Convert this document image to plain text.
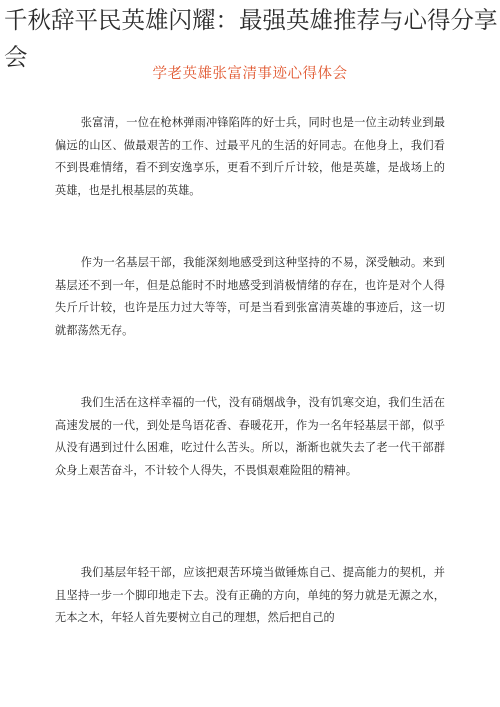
千秋辞平民英雄闪耀：最强英雄推荐与心得分享会
学老英雄张富清事迹心得体会
张富清，一位在枪林弹雨冲锋陷阵的好士兵，同时也是一位主动转业到最偏远的山区、做最艰苦的工作、过最平凡的生活的好同志。在他身上，我们看不到畏难情绪，看不到安逸享乐，更看不到斤斤计较，他是英雄，是战场上的英雄，也是扎根基层的英雄。
作为一名基层干部，我能深刻地感受到这种坚持的不易，深受触动。来到基层还不到一年，但是总能时不时地感受到消极情绪的存在，也许是对个人得失斤斤计较，也许是压力过大等等，可是当看到张富清英雄的事迹后，这一切就都荡然无存。
我们生活在这样幸福的一代，没有硝烟战争，没有饥寒交迫，我们生活在高速发展的一代，到处是鸟语花香、春暖花开，作为一名年轻基层干部，似乎从没有遇到过什么困难，吃过什么苦头。所以，渐渐也就失去了老一代干部群众身上艰苦奋斗，不计较个人得失，不畏惧艰难险阻的精神。
我们基层年轻干部，应该把艰苦环境当做锤炼自己、提高能力的契机，并且坚持一步一个脚印地走下去。没有正确的方向，单纯的努力就是无源之水，无本之木，年轻人首先要树立自己的理想，然后把自己的
